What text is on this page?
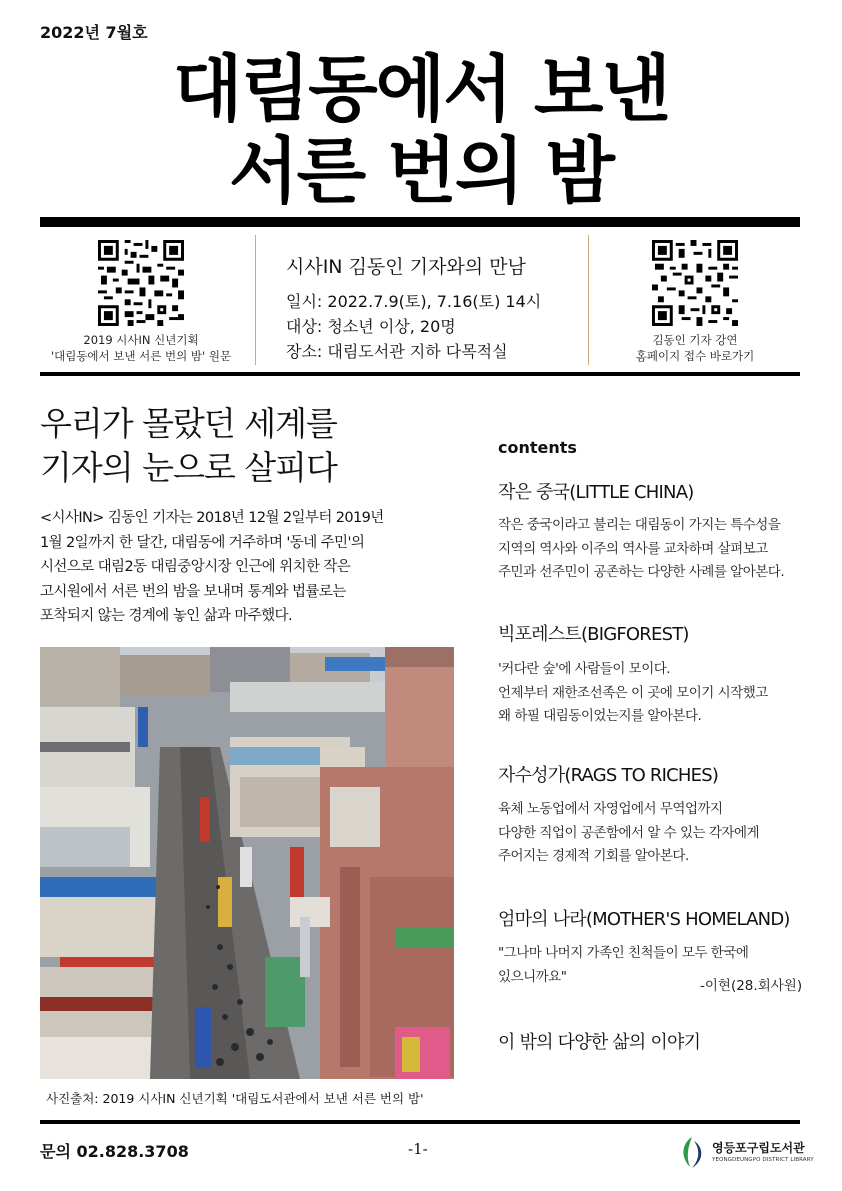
2022년 7월호
대림동에서 보낸
서른 번의 밤
2019 시사IN 신년기획
'대림동에서 보낸 서른 번의 밤' 원문
시사IN 김동인 기자와의 만남
일시: 2022.7.9(토), 7.16(토) 14시
대상: 청소년 이상, 20명
장소: 대림도서관 지하 다목적실
김동인 기자 강연
홈페이지 접수 바로가기
우리가 몰랐던 세계를
기자의 눈으로 살피다
<시사IN> 김동인 기자는 2018년 12월 2일부터 2019년
1월 2일까지 한 달간, 대림동에 거주하며 '동네 주민'의
시선으로 대림2동 대림중앙시장 인근에 위치한 작은
고시원에서 서른 번의 밤을 보내며 통계와 법률로는
포착되지 않는 경계에 놓인 삶과 마주했다.
사진출처: 2019 시사IN 신년기획 '대림도서관에서 보낸 서른 번의 밤'
contents
작은 중국(LITTLE CHINA)
작은 중국이라고 불리는 대림동이 가지는 특수성을
지역의 역사와 이주의 역사를 교차하며 살펴보고
주민과 선주민이 공존하는 다양한 사례를 알아본다.
빅포레스트(BIGFOREST)
'커다란 숲'에 사람들이 모이다.
언제부터 재한조선족은 이 곳에 모이기 시작했고
왜 하필 대림동이었는지를 알아본다.
자수성가(RAGS TO RICHES)
육체 노동업에서 자영업에서 무역업까지
다양한 직업이 공존함에서 알 수 있는 각자에게
주어지는 경제적 기회를 알아본다.
엄마의 나라(MOTHER'S HOMELAND)
"그나마 나머지 가족인 친척들이 모두 한국에
있으니까요"
-이현(28.회사원)
이 밖의 다양한 삶의 이야기
문의 02.828.3708	-1-	영등포구립도서관
YEONGDEUNGPO DISTRICT LIBRARY
